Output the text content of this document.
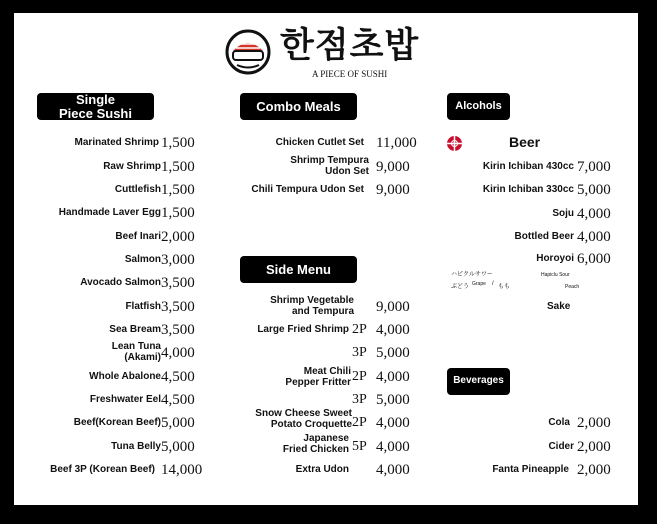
한점초밥
A PIECE OF SUSHI
Single
Piece Sushi	Combo Meals
Side Menu
Alcohols
Beverages
Marinated Shrimp 1,500
Raw Shrimp 1,500
Cuttlefish 1,500
Handmade Laver Egg 1,500
Beef Inari 2,000
Salmon 3,000
Avocado Salmon 3,500
Flatfish 3,500
Sea Bream 3,500
Lean Tuna
(Akami) 4,000
Whole Abalone 4,500
Freshwater Eel 4,500
Beef(Korean Beef) 5,000
Tuna Belly 5,000
Beef 3P (Korean Beef) 14,000
Chicken Cutlet Set 11,000
Shrimp Tempura
Udon Set 9,000
Chili Tempura Udon Set 9,000
Shrimp Vegetable
and Tempura 9,000
Large Fried Shrimp 2P 4,000
3P 5,000
Meat Chili
Pepper Fritter 2P 4,000
3P 5,000
Snow Cheese Sweet
Potato Croquette 2P 4,000
Japanese
Fried Chicken 5P 4,000
Extra Udon 4,000
Beer
Kirin Ichiban 430cc 7,000
Kirin Ichiban 330cc 5,000
Soju 4,000
Bottled Beer 4,000
Horoyoi 6,000
ハピクルサワー
ぶどう Grape / もも
Hapiclu Sour
Peach
Sake
Cola 2,000
Cider 2,000
Fanta Pineapple 2,000
